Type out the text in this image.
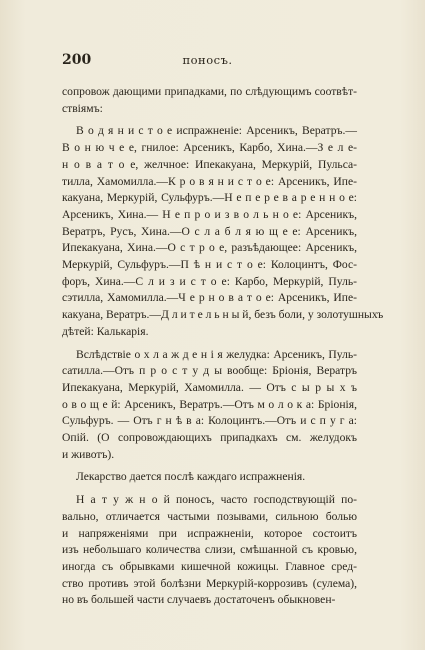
200	поносъ.
сопровож дающими припадками, по слѣдующимъ соотвѣт-
ствіямъ:
В о д я н и с т о е испражненіе: Арсеникъ, Вератръ.—
В о н ю ч е е, гнилое: Арсеникъ, Карбо, Хина.—З е л е-
н о в а т о е, желчное: Ипекакуана, Меркурій, Пульса-
тилла, Хамомилла.—К р о в я н и с т о е: Арсеникъ, Ипе-
какуана, Меркурій, Сульфуръ.—Н е п е р е в а р е н н о е:
Арсеникъ, Хина.— Н е п р о и з в о л ь н о е: Арсеникъ,
Вератръ, Русъ, Хина.—О с л а б л я ю щ е е: Арсеникъ,
Ипекакуана, Хина.—О с т р о е, разъѣдающее: Арсеникъ,
Меркурій, Сульфуръ.—П ѣ н и с т о е: Колоцинтъ, Фос-
форъ, Хина.—С л и з и с т о е: Карбо, Меркурій, Пуль-
сэтилла, Хамомилла.—Ч е р н о в а т о е: Арсеникъ, Ипе-
какуана, Вератръ.—Д л и т е л ь н ы й, безъ боли, у золотушныхъ
дѣтей: Калькарія.
Вслѣдствіе о х л а ж д е н і я желудка: Арсеникъ, Пуль-
сатилла.—Отъ п р о с т у д ы вообще: Бріонія, Вератръ
Ипекакуана, Меркурій, Хамомилла. — Отъ с ы р ы х ъ
о в о щ е й: Арсеникъ, Вератръ.—Отъ м о л о к а: Бріонія,
Сульфуръ. — Отъ г н ѣ в а: Колоцинтъ.—Отъ и с п у г а:
Опій. (О сопровождающихъ припадкахъ см. желудокъ
и животъ).
Лекарство дается послѣ каждаго испражненія.
Н а т у ж н о й поносъ, часто господствующій по-
вально, отличается частыми позывами, сильною болью
и напряженіями при испражненіи, которое состоитъ
изъ небольшаго количества слизи, смѣшанной съ кровью,
иногда съ обрывками кишечной кожицы. Главное сред-
ство противъ этой болѣзни Меркурій-коррозивъ (сулема),
но въ большей части случаевъ достаточенъ обыкновен-
